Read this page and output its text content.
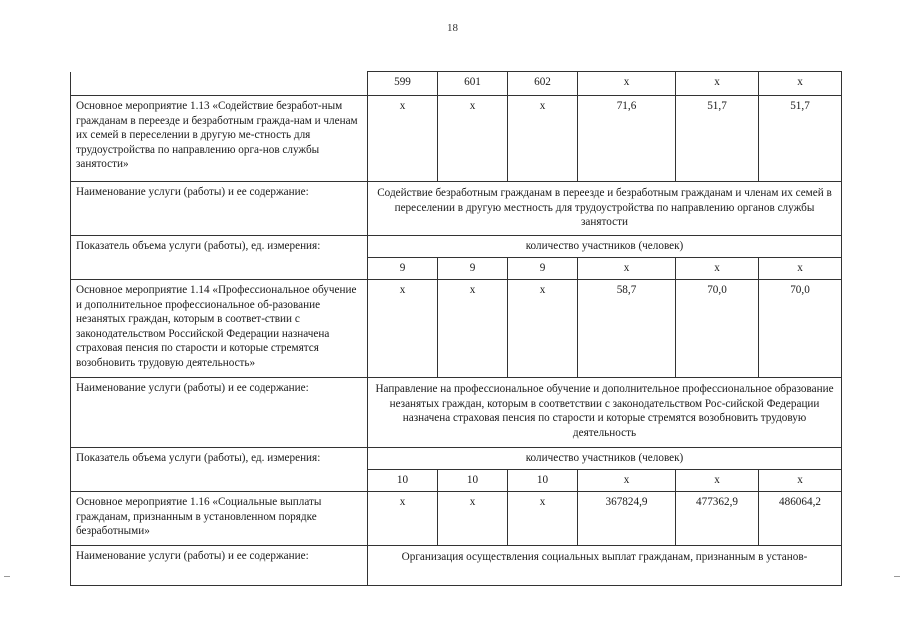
18
	599	601	602	x	x	x
Основное мероприятие 1.13 «Содействие безработ-ным гражданам в переезде и безработным гражда-нам и членам их семей в переселении в другую ме-стность для трудоустройства по направлению орга-нов службы занятости»	x	x	x	71,6	51,7	51,7
Наименование услуги (работы) и ее содержание:	Содействие безработным гражданам в переезде и безработным гражданам и членам их семей в переселении в другую местность для трудоустройства по направлению органов службы занятости					
Показатель объема услуги (работы), ед. измерения:	количество участников (человек)					
	9	9	9	x	x	x
Основное мероприятие 1.14 «Профессиональное обучение и дополнительное профессиональное об-разование незанятых граждан, которым в соответ-ствии с законодательством Российской Федерации назначена страховая пенсия по старости и которые стремятся возобновить трудовую деятельность»	x	x	x	58,7	70,0	70,0
Наименование услуги (работы) и ее содержание:	Направление на профессиональное обучение и дополнительное профессиональное образование незанятых граждан, которым в соответствии с законодательством Рос-сийской Федерации назначена страховая пенсия по старости и которые стремятся возобновить трудовую деятельность					
Показатель объема услуги (работы), ед. измерения:	количество участников (человек)					
	10	10	10	x	x	x
Основное мероприятие 1.16 «Социальные выплаты гражданам, признанным в установленном порядке безработными»	x	x	x	367824,9	477362,9	486064,2
Наименование услуги (работы) и ее содержание:	Организация осуществления социальных выплат гражданам, признанным в установ-					
